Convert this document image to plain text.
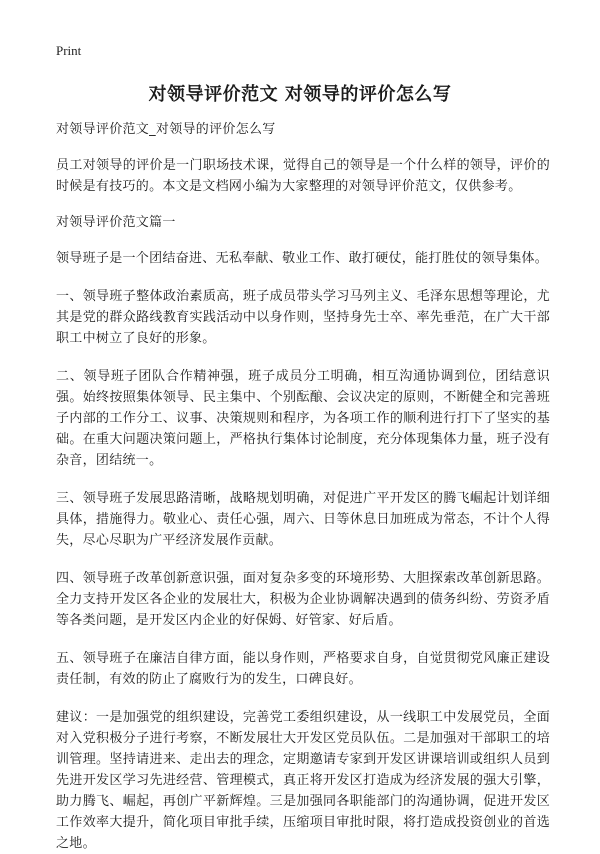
Print
对领导评价范文 对领导的评价怎么写

对领导评价范文_对领导的评价怎么写

员工对领导的评价是一门职场技术课，觉得自己的领导是一个什么样的领导，评价的时候是有技巧的。本文是文档网小编为大家整理的对领导评价范文，仅供参考。

对领导评价范文篇一

领导班子是一个团结奋进、无私奉献、敬业工作、敢打硬仗，能打胜仗的领导集体。

一、领导班子整体政治素质高，班子成员带头学习马列主义、毛泽东思想等理论，尤其是党的群众路线教育实践活动中以身作则，坚持身先士卒、率先垂范，在广大干部职工中树立了良好的形象。

二、领导班子团队合作精神强，班子成员分工明确，相互沟通协调到位，团结意识强。始终按照集体领导、民主集中、个别酝酿、会议决定的原则，不断健全和完善班子内部的工作分工、议事、决策规则和程序，为各项工作的顺利进行打下了坚实的基础。在重大问题决策问题上，严格执行集体讨论制度，充分体现集体力量，班子没有杂音，团结统一。

三、领导班子发展思路清晰，战略规划明确，对促进广平开发区的腾飞崛起计划详细具体，措施得力。敬业心、责任心强，周六、日等休息日加班成为常态，不计个人得失，尽心尽职为广平经济发展作贡献。

四、领导班子改革创新意识强，面对复杂多变的环境形势、大胆探索改革创新思路。全力支持开发区各企业的发展壮大，积极为企业协调解决遇到的债务纠纷、劳资矛盾等各类问题，是开发区内企业的好保姆、好管家、好后盾。

五、领导班子在廉洁自律方面，能以身作则，严格要求自身，自觉贯彻党风廉正建设责任制，有效的防止了腐败行为的发生，口碑良好。

建议：一是加强党的组织建设，完善党工委组织建设，从一线职工中发展党员，全面对入党积极分子进行考察，不断发展壮大开发区党员队伍。二是加强对干部职工的培训管理。坚持请进来、走出去的理念，定期邀请专家到开发区讲课培训或组织人员到先进开发区学习先进经营、管理模式，真正将开发区打造成为经济发展的强大引擎，助力腾飞、崛起，再创广平新辉煌。三是加强同各职能部门的沟通协调，促进开发区工作效率大提升，简化项目审批手续，压缩项目审批时限，将打造成投资创业的首选之地。
